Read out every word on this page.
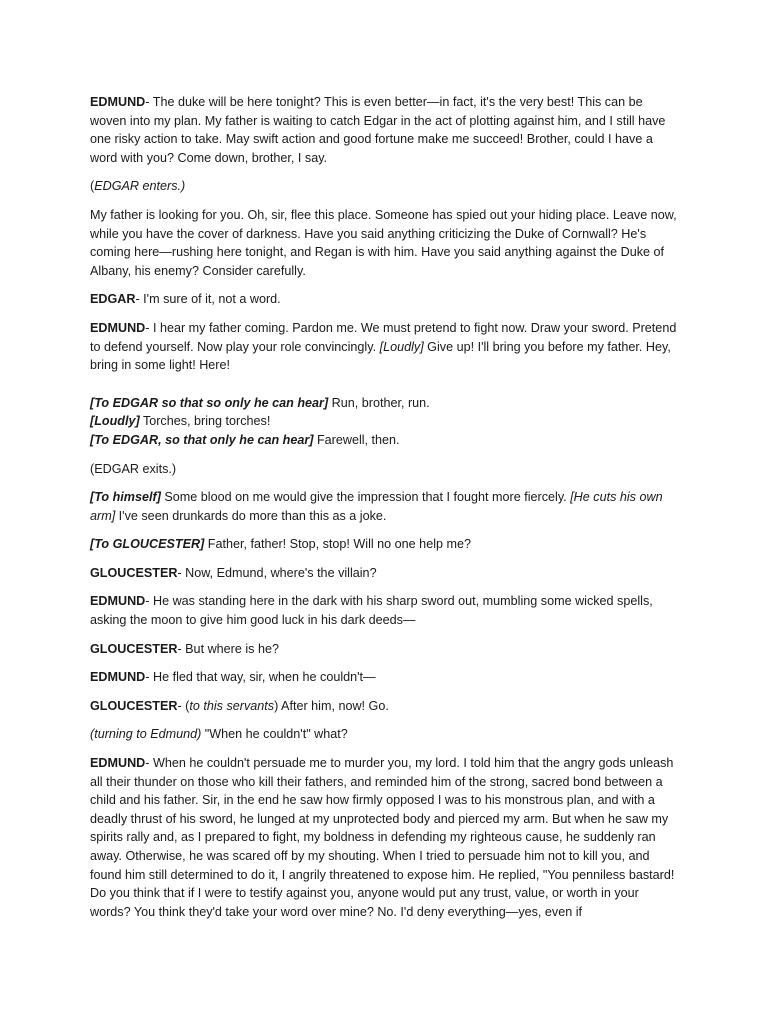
EDMUND- The duke will be here tonight? This is even better—in fact, it's the very best! This can be woven into my plan. My father is waiting to catch Edgar in the act of plotting against him, and I still have one risky action to take. May swift action and good fortune make me succeed! Brother, could I have a word with you? Come down, brother, I say.

(EDGAR enters.)

My father is looking for you. Oh, sir, flee this place. Someone has spied out your hiding place. Leave now, while you have the cover of darkness. Have you said anything criticizing the Duke of Cornwall? He's coming here—rushing here tonight, and Regan is with him. Have you said anything against the Duke of Albany, his enemy? Consider carefully.

EDGAR- I'm sure of it, not a word.

EDMUND- I hear my father coming. Pardon me. We must pretend to fight now. Draw your sword. Pretend to defend yourself. Now play your role convincingly. [Loudly] Give up! I'll bring you before my father. Hey, bring in some light! Here!

[To EDGAR so that so only he can hear] Run, brother, run.

[Loudly] Torches, bring torches!

[To EDGAR, so that only he can hear] Farewell, then.

(EDGAR exits.)

[To himself] Some blood on me would give the impression that I fought more fiercely. [He cuts his own arm] I've seen drunkards do more than this as a joke.

[To GLOUCESTER] Father, father! Stop, stop! Will no one help me?

GLOUCESTER- Now, Edmund, where's the villain?

EDMUND- He was standing here in the dark with his sharp sword out, mumbling some wicked spells, asking the moon to give him good luck in his dark deeds—

GLOUCESTER- But where is he?

EDMUND- He fled that way, sir, when he couldn't—

GLOUCESTER- (to this servants) After him, now! Go.

(turning to Edmund) "When he couldn't" what?

EDMUND- When he couldn't persuade me to murder you, my lord. I told him that the angry gods unleash all their thunder on those who kill their fathers, and reminded him of the strong, sacred bond between a child and his father. Sir, in the end he saw how firmly opposed I was to his monstrous plan, and with a deadly thrust of his sword, he lunged at my unprotected body and pierced my arm. But when he saw my spirits rally and, as I prepared to fight, my boldness in defending my righteous cause, he suddenly ran away. Otherwise, he was scared off by my shouting. When I tried to persuade him not to kill you, and found him still determined to do it, I angrily threatened to expose him. He replied, "You penniless bastard! Do you think that if I were to testify against you, anyone would put any trust, value, or worth in your words? You think they'd take your word over mine? No. I'd deny everything—yes, even if
